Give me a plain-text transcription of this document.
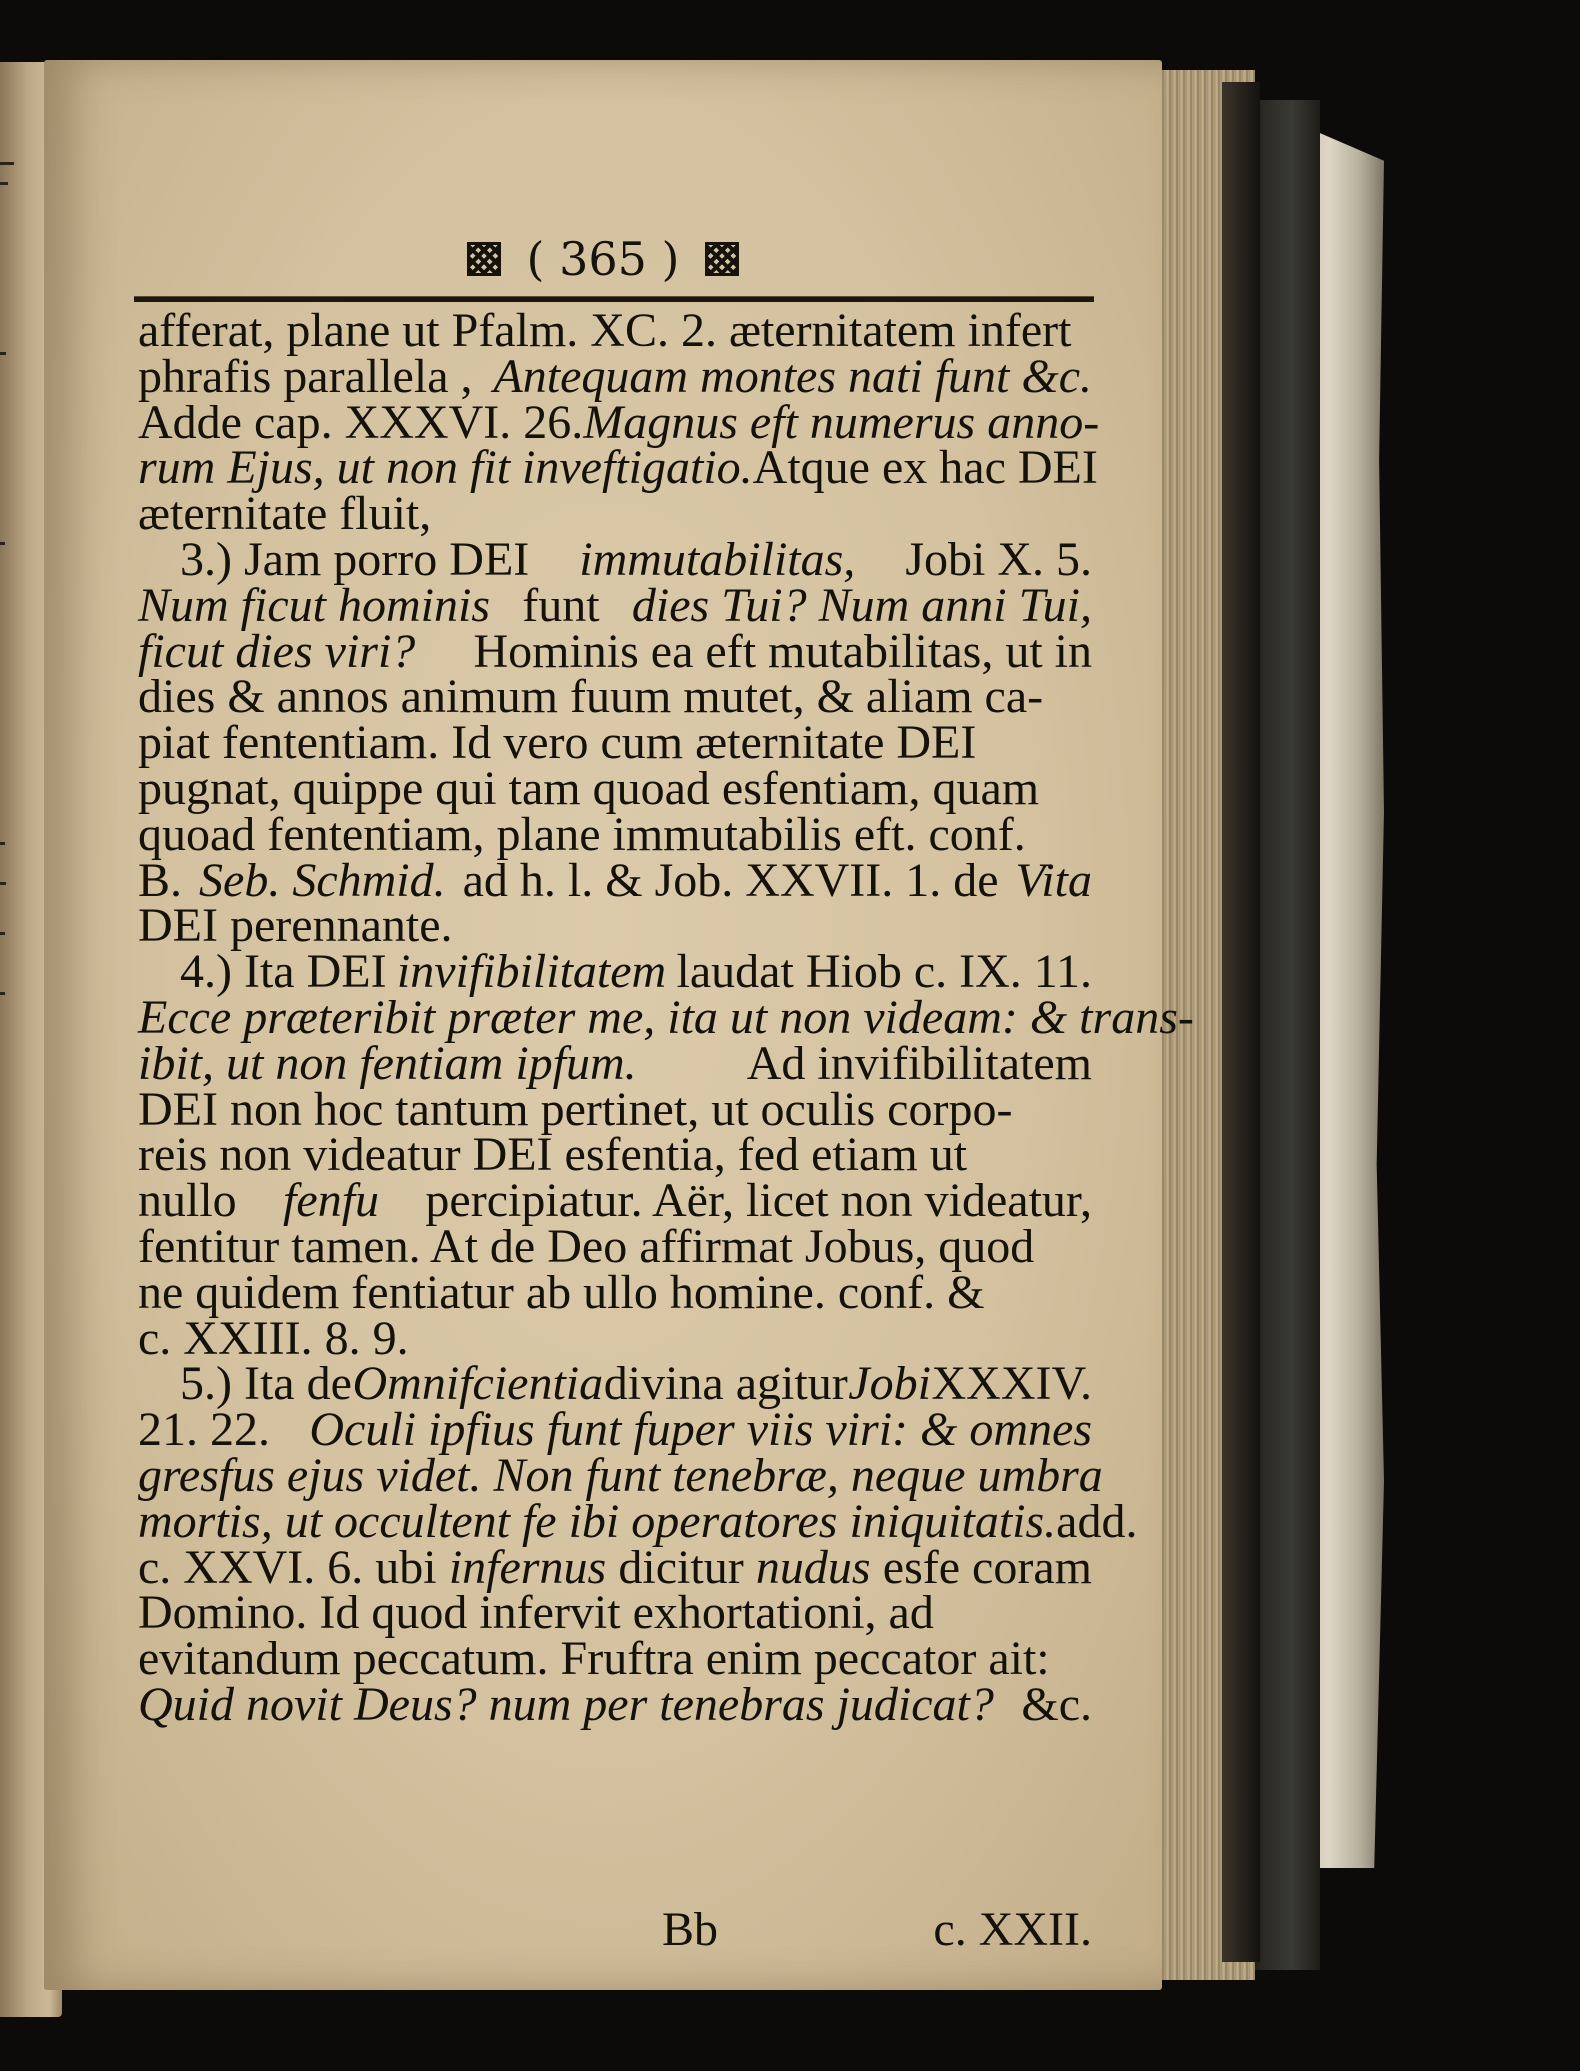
( 365 )
afferat, plane ut Pfalm. XC. 2. æternitatem infert
phrafis parallela , Antequam montes nati funt &c.
Adde cap. XXXVI. 26. Magnus eft numerus anno-
rum Ejus, ut non fit inveftigatio. Atque ex hac DEI
æternitate fluit,
3.) Jam porro DEI immutabilitas, Jobi X. 5.
Num ficut hominis funt dies Tui? Num anni Tui,
ficut dies viri? Hominis ea eft mutabilitas, ut in
dies & annos animum fuum mutet, & aliam ca-
piat fententiam. Id vero cum æternitate DEI
pugnat, quippe qui tam quoad esfentiam, quam
quoad fententiam, plane immutabilis eft. conf.
B. Seb. Schmid. ad h. l. & Job. XXVII. 1. de Vita
DEI perennante.
4.) Ita DEI invifibilitatem laudat Hiob c. IX. 11.
Ecce præteribit præter me, ita ut non videam: & trans-
ibit, ut non fentiam ipfum. Ad invifibilitatem
DEI non hoc tantum pertinet, ut oculis corpo-
reis non videatur DEI esfentia, fed etiam ut
nullo fenfu percipiatur. Aër, licet non videatur,
fentitur tamen. At de Deo affirmat Jobus, quod
ne quidem fentiatur ab ullo homine. conf. &
c. XXIII. 8. 9.
5.) Ita de Omnifcientia divina agitur Jobi XXXIV.
21. 22. Oculi ipfius funt fuper viis viri: & omnes
gresfus ejus videt. Non funt tenebræ, neque umbra
mortis, ut occultent fe ibi operatores iniquitatis. add.
c. XXVI. 6. ubi infernus dicitur nudus esfe coram
Domino. Id quod infervit exhortationi, ad
evitandum peccatum. Fruftra enim peccator ait:
Quid novit Deus? num per tenebras judicat? &c.
Bb	c. XXII.
